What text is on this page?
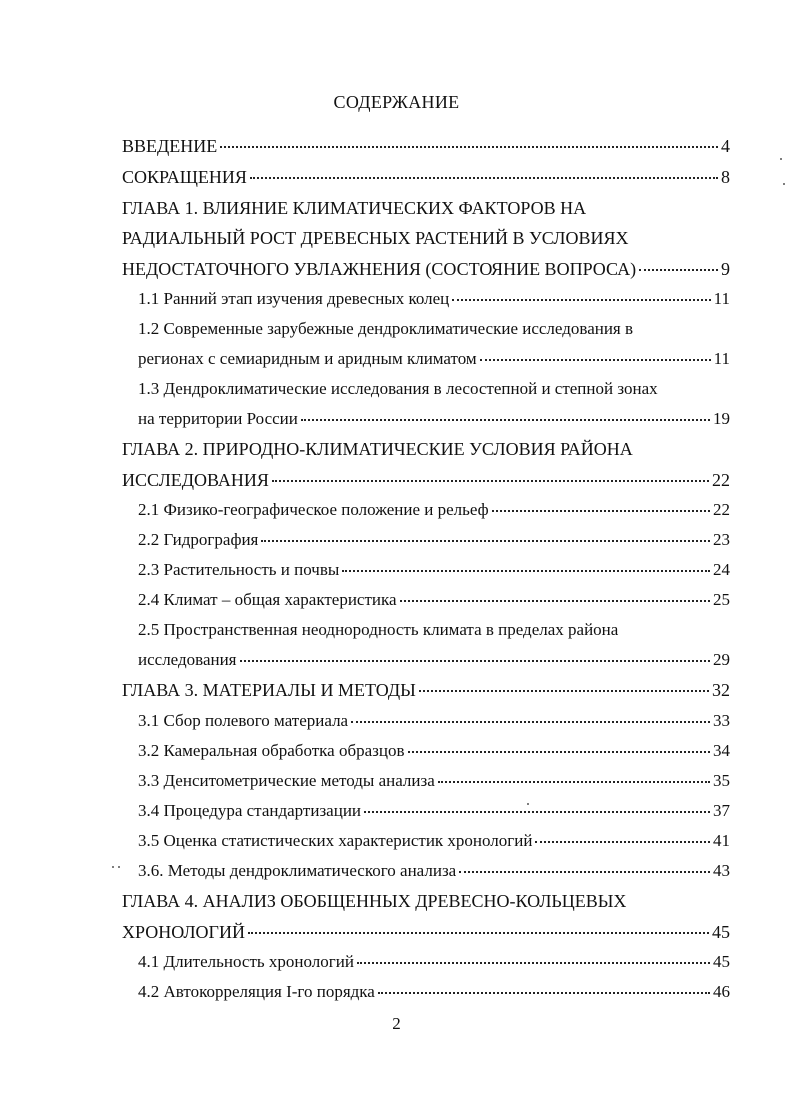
СОДЕРЖАНИЕ
ВВЕДЕНИЕ	4
СОКРАЩЕНИЯ	8
ГЛАВА 1. ВЛИЯНИЕ КЛИМАТИЧЕСКИХ ФАКТОРОВ НА
РАДИАЛЬНЫЙ РОСТ ДРЕВЕСНЫХ РАСТЕНИЙ В УСЛОВИЯХ
НЕДОСТАТОЧНОГО УВЛАЖНЕНИЯ (СОСТОЯНИЕ ВОПРОСА)	9
1.1 Ранний этап изучения древесных колец	11
1.2 Современные зарубежные дендроклиматические исследования в
регионах с семиаридным и аридным климатом	11
1.3 Дендроклиматические исследования в лесостепной и степной зонах
на территории России	19
ГЛАВА 2. ПРИРОДНО-КЛИМАТИЧЕСКИЕ УСЛОВИЯ РАЙОНА
ИССЛЕДОВАНИЯ	22
2.1 Физико-географическое положение и рельеф	22
2.2 Гидрография	23
2.3 Растительность и почвы	24
2.4 Климат – общая характеристика	25
2.5 Пространственная неоднородность климата в пределах района
исследования	29
ГЛАВА 3. МАТЕРИАЛЫ И МЕТОДЫ	32
3.1 Сбор полевого материала	33
3.2 Камеральная обработка образцов	34
3.3 Денситометрические методы анализа	35
3.4 Процедура стандартизации	37
3.5 Оценка статистических характеристик хронологий	41
3.6. Методы дендроклиматического анализа	43
ГЛАВА 4. АНАЛИЗ ОБОБЩЕННЫХ ДРЕВЕСНО-КОЛЬЦЕВЫХ
ХРОНОЛОГИЙ	45
4.1 Длительность хронологий	45
4.2 Автокорреляция I-го порядка	46
2
